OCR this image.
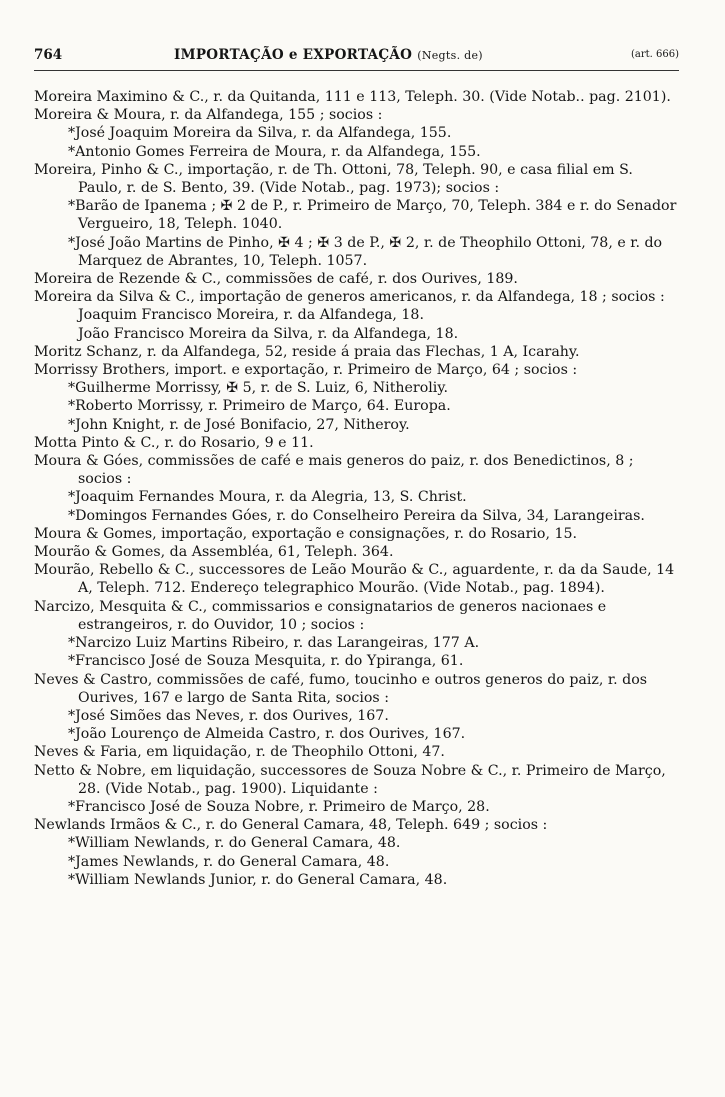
764	IMPORTAÇÃO e EXPORTAÇÃO (Negts. de)	(art. 666)
Moreira Maximino & C., r. da Quitanda, 111 e 113, Teleph. 30. (Vide Notab.. pag. 2101).
Moreira & Moura, r. da Alfandega, 155 ; socios :
*José Joaquim Moreira da Silva, r. da Alfandega, 155.
*Antonio Gomes Ferreira de Moura, r. da Alfandega, 155.
Moreira, Pinho & C., importação, r. de Th. Ottoni, 78, Teleph. 90, e casa filial em S. Paulo, r. de S. Bento, 39. (Vide Notab., pag. 1973); socios :
*Barão de Ipanema ; ✠ 2 de P., r. Primeiro de Março, 70, Teleph. 384 e r. do Senador Vergueiro, 18, Teleph. 1040.
*José João Martins de Pinho, ✠ 4 ; ✠ 3 de P., ✠ 2, r. de Theophilo Ottoni, 78, e r. do Marquez de Abrantes, 10, Teleph. 1057.
Moreira de Rezende & C., commissões de café, r. dos Ourives, 189.
Moreira da Silva & C., importação de generos americanos, r. da Alfandega, 18 ; socios :
Joaquim Francisco Moreira, r. da Alfandega, 18.
João Francisco Moreira da Silva, r. da Alfandega, 18.
Moritz Schanz, r. da Alfandega, 52, reside á praia das Flechas, 1 A, Icarahy.
Morrissy Brothers, import. e exportação, r. Primeiro de Março, 64 ; socios :
*Guilherme Morrissy, ✠ 5, r. de S. Luiz, 6, Nitheroliy.
*Roberto Morrissy, r. Primeiro de Março, 64. Europa.
*John Knight, r. de José Bonifacio, 27, Nitheroy.
Motta Pinto & C., r. do Rosario, 9 e 11.
Moura & Góes, commissões de café e mais generos do paiz, r. dos Benedictinos, 8 ; socios :
*Joaquim Fernandes Moura, r. da Alegria, 13, S. Christ.
*Domingos Fernandes Góes, r. do Conselheiro Pereira da Silva, 34, Larangeiras.
Moura & Gomes, importação, exportação e consignações, r. do Rosario, 15.
Mourão & Gomes, da Assembléa, 61, Teleph. 364.
Mourão, Rebello & C., successores de Leão Mourão & C., aguardente, r. da da Saude, 14 A, Teleph. 712. Endereço telegraphico Mourão. (Vide Notab., pag. 1894).
Narcizo, Mesquita & C., commissarios e consignatarios de generos nacionaes e estrangeiros, r. do Ouvidor, 10 ; socios :
*Narcizo Luiz Martins Ribeiro, r. das Larangeiras, 177 A.
*Francisco José de Souza Mesquita, r. do Ypiranga, 61.
Neves & Castro, commissões de café, fumo, toucinho e outros generos do paiz, r. dos Ourives, 167 e largo de Santa Rita, socios :
*José Simões das Neves, r. dos Ourives, 167.
*João Lourenço de Almeida Castro, r. dos Ourives, 167.
Neves & Faria, em liquidação, r. de Theophilo Ottoni, 47.
Netto & Nobre, em liquidação, successores de Souza Nobre & C., r. Primeiro de Março, 28. (Vide Notab., pag. 1900). Liquidante :
*Francisco José de Souza Nobre, r. Primeiro de Março, 28.
Newlands Irmãos & C., r. do General Camara, 48, Teleph. 649 ; socios :
*William Newlands, r. do General Camara, 48.
*James Newlands, r. do General Camara, 48.
*William Newlands Junior, r. do General Camara, 48.
